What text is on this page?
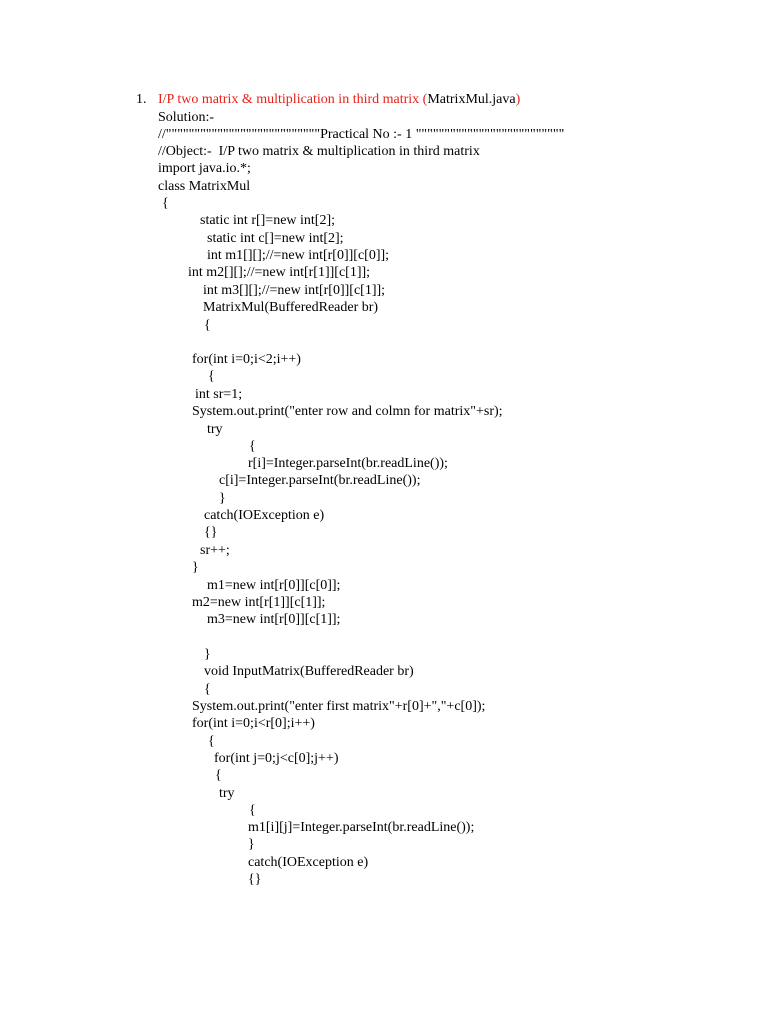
1. I/P two matrix & multiplication in third matrix (MatrixMul.java)
Solution:-
//"""""""""""""""""""""""""""Practical No :- 1 """"""""""""""""""""""""""
//Object:-  I/P two matrix & multiplication in third matrix
import java.io.*;
class MatrixMul
{
static int r[]=new int[2];
static int c[]=new int[2];
int m1[][];//=new int[r[0]][c[0]];
int m2[][];//=new int[r[1]][c[1]];
int m3[][];//=new int[r[0]][c[1]];
MatrixMul(BufferedReader br)
{
for(int i=0;i<2;i++)
{
int sr=1;
System.out.print("enter row and colmn for matrix"+sr);
try
{
r[i]=Integer.parseInt(br.readLine());
c[i]=Integer.parseInt(br.readLine());
}
catch(IOException e)
{}
sr++;
}
m1=new int[r[0]][c[0]];
m2=new int[r[1]][c[1]];
m3=new int[r[0]][c[1]];
}
void InputMatrix(BufferedReader br)
{
System.out.print("enter first matrix"+r[0]+","+c[0]);
for(int i=0;i<r[0];i++)
{
for(int j=0;j<c[0];j++)
{
try
{
m1[i][j]=Integer.parseInt(br.readLine());
}
catch(IOException e)
{}
